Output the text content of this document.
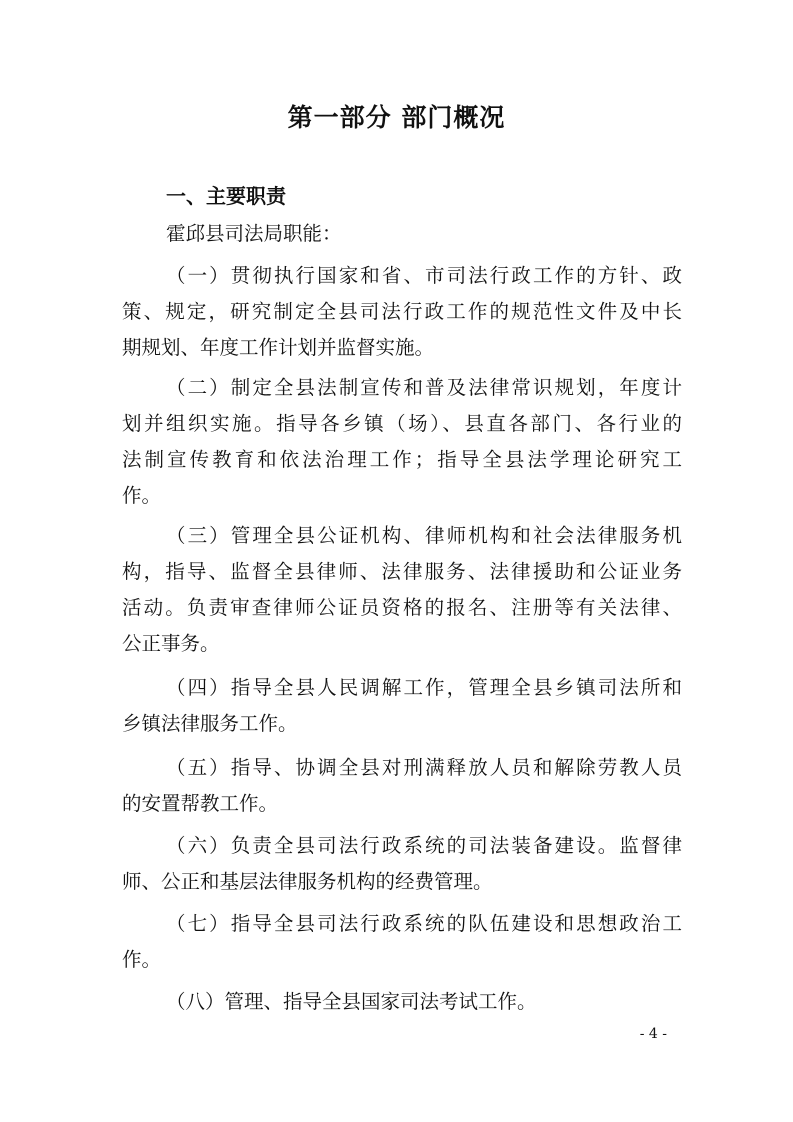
第一部分 部门概况
一、主要职责

霍邱县司法局职能：

（一）贯彻执行国家和省、市司法行政工作的方针、政

策、规定，研究制定全县司法行政工作的规范性文件及中长

期规划、年度工作计划并监督实施。

（二）制定全县法制宣传和普及法律常识规划，年度计

划并组织实施。指导各乡镇（场）、县直各部门、各行业的

法制宣传教育和依法治理工作；指导全县法学理论研究工

作。

（三）管理全县公证机构、律师机构和社会法律服务机

构，指导、监督全县律师、法律服务、法律援助和公证业务

活动。负责审查律师公证员资格的报名、注册等有关法律、

公正事务。

（四）指导全县人民调解工作，管理全县乡镇司法所和

乡镇法律服务工作。

（五）指导、协调全县对刑满释放人员和解除劳教人员

的安置帮教工作。

（六）负责全县司法行政系统的司法装备建设。监督律

师、公正和基层法律服务机构的经费管理。

（七）指导全县司法行政系统的队伍建设和思想政治工

作。

（八）管理、指导全县国家司法考试工作。

- 4 -
